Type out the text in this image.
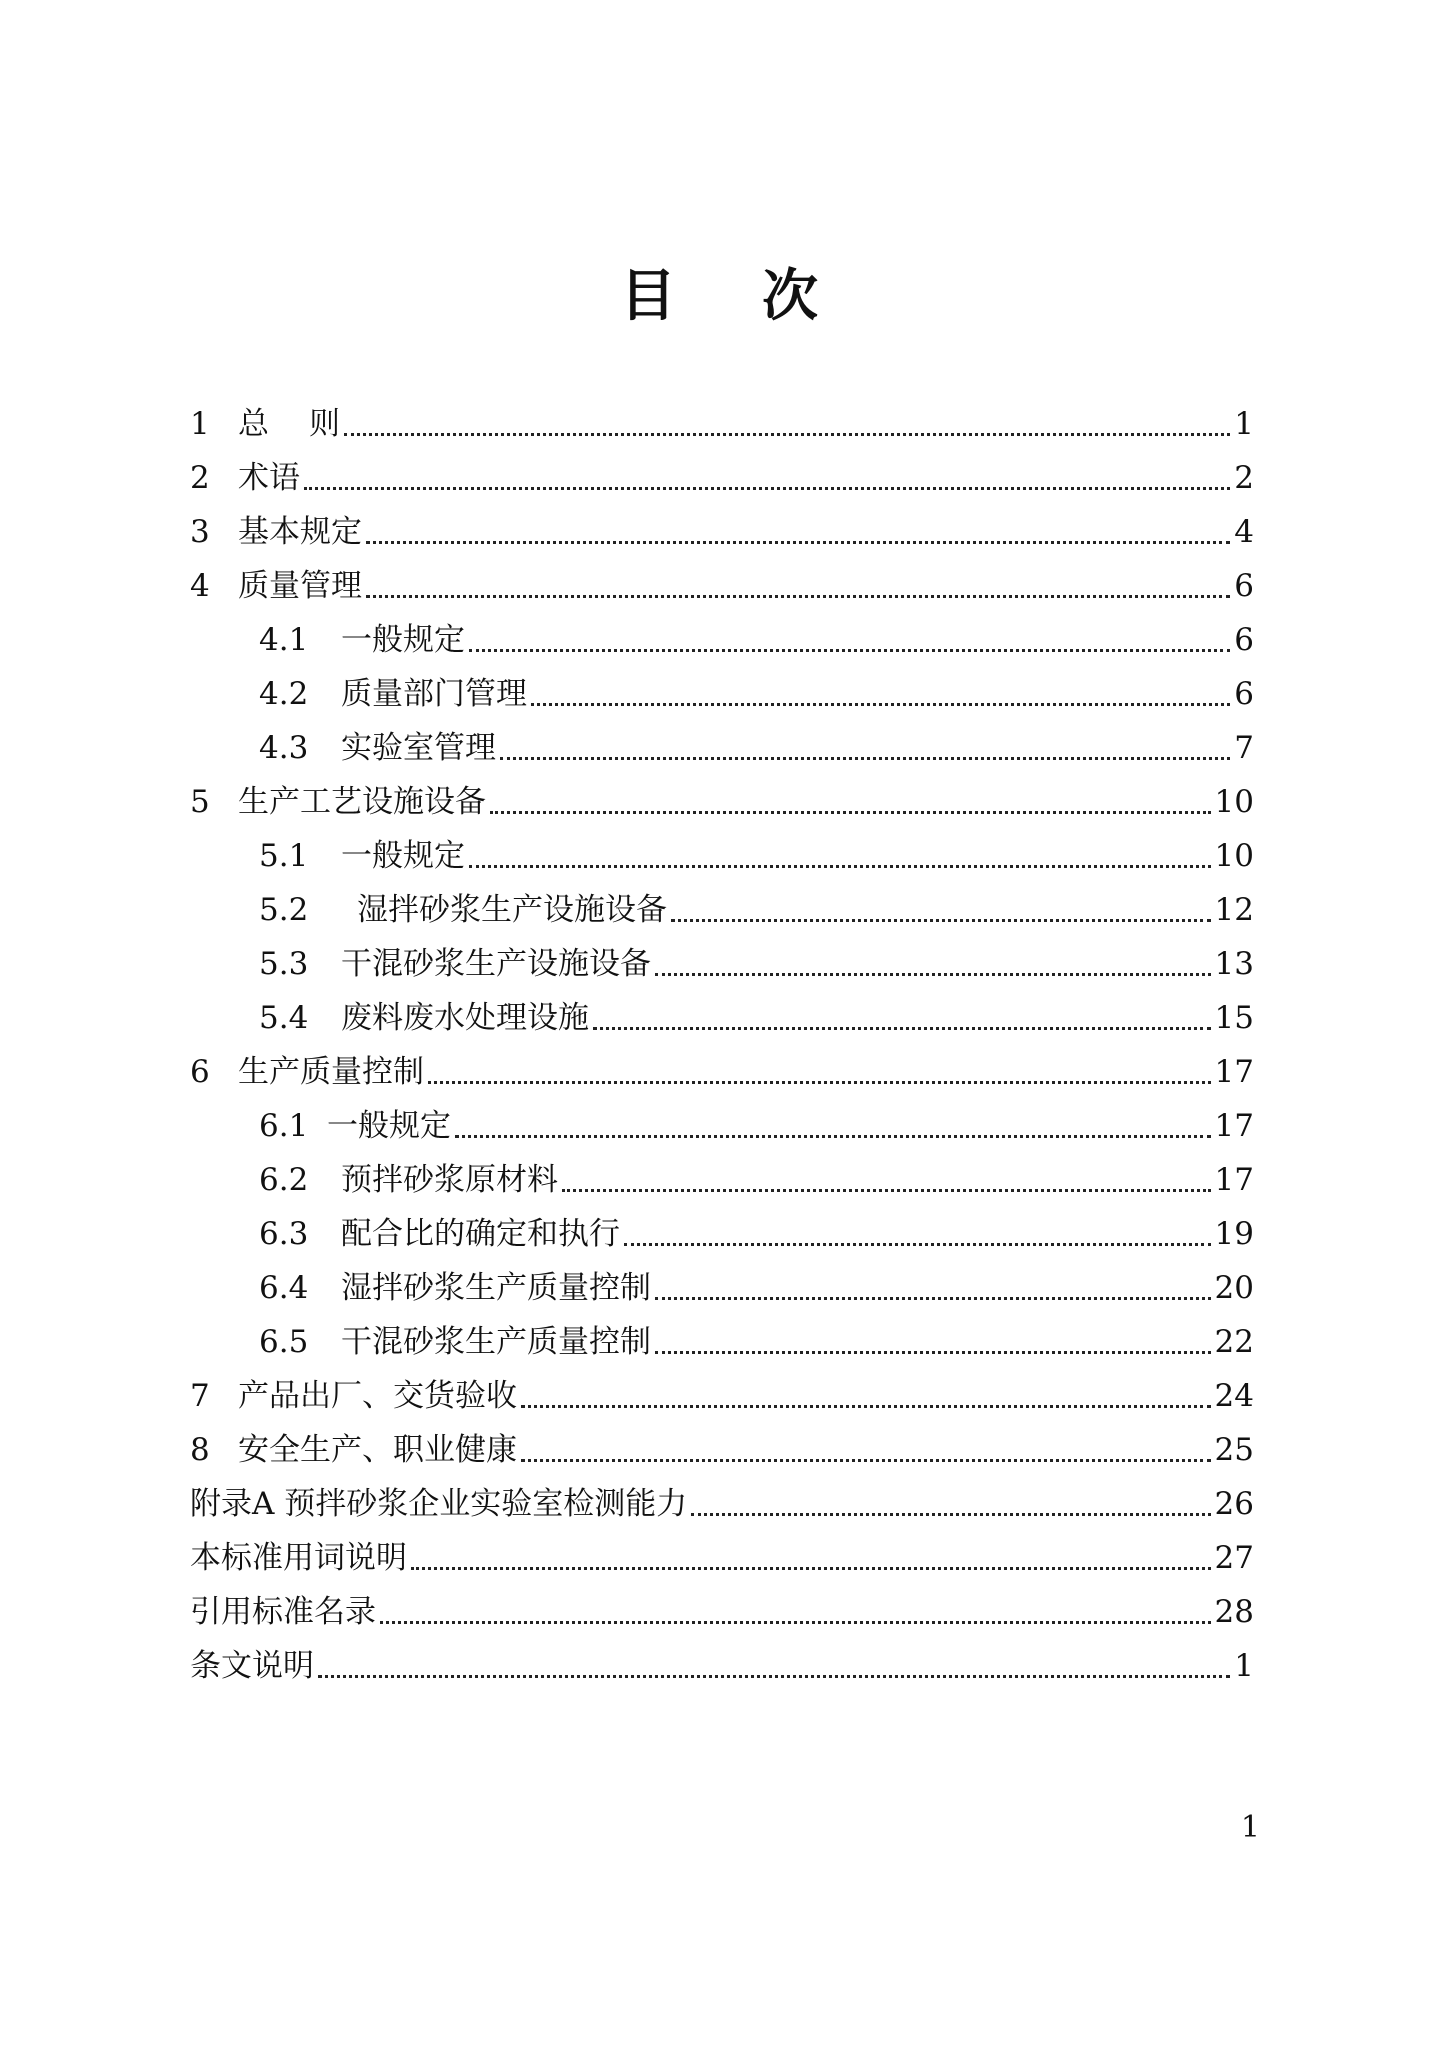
目 次
1 总 则	1
2 术语	2
3 基本规定	4
4 质量管理	6
4.1	一般规定	6
4.2	质量部门管理	6
4.3	实验室管理	7
5 生产工艺设施设备	10
5.1	一般规定	10
5.2	湿拌砂浆生产设施设备	12
5.3	干混砂浆生产设施设备	13
5.4	废料废水处理设施	15
6 生产质量控制	17
6.1 一般规定	17
6.2	预拌砂浆原材料	17
6.3	配合比的确定和执行	19
6.4	湿拌砂浆生产质量控制	20
6.5	干混砂浆生产质量控制	22
7 产品出厂、交货验收	24
8 安全生产、职业健康	25
附录A 预拌砂浆企业实验室检测能力	26
本标准用词说明	27
引用标准名录	28
条文说明	1
1
